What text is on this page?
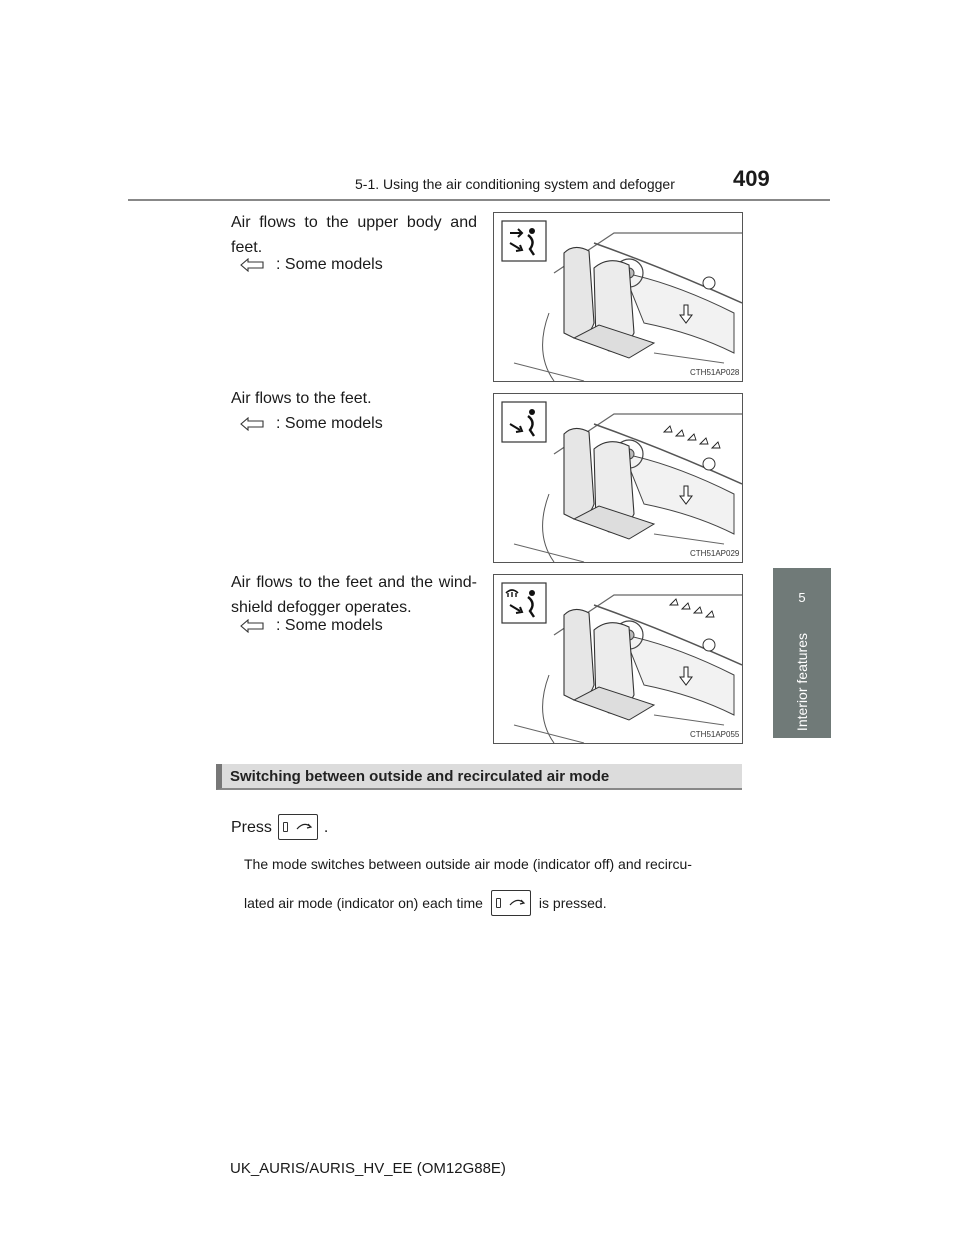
5-1. Using the air conditioning system and defogger	409
5
Interior features
Air flows to the upper body and feet.
: Some models
CTH51AP028
Air flows to the feet.
: Some models
CTH51AP029
Air flows to the feet and the wind-shield defogger operates.
: Some models
CTH51AP055
Switching between outside and recirculated air mode
Press	.
The mode switches between outside air mode (indicator off) and recircu-
lated air mode (indicator on) each time	is pressed.
UK_AURIS/AURIS_HV_EE (OM12G88E)
